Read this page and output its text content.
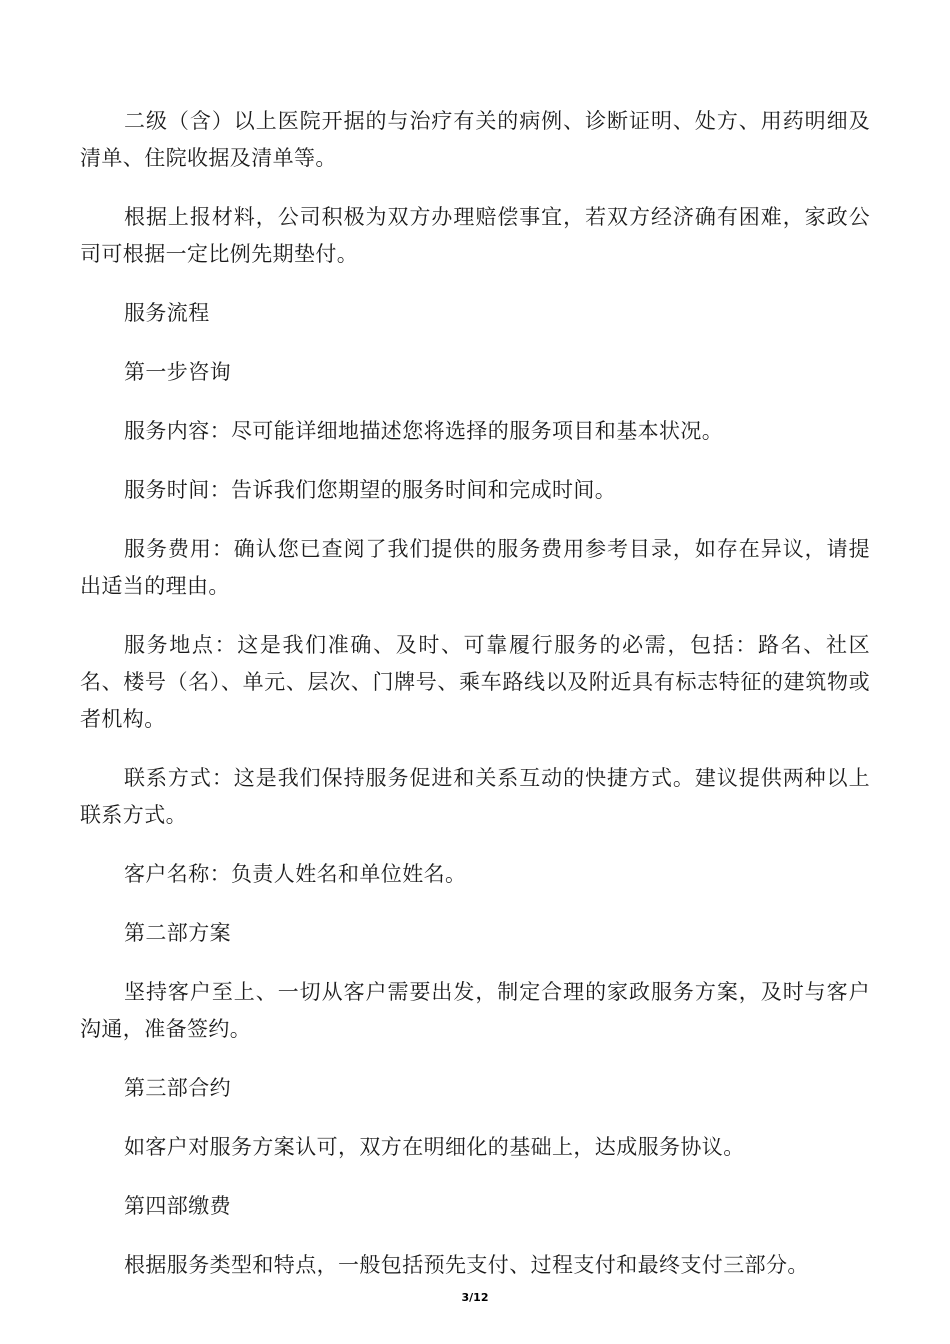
二级（含）以上医院开据的与治疗有关的病例、诊断证明、处方、用药明细及清单、住院收据及清单等。

根据上报材料，公司积极为双方办理赔偿事宜，若双方经济确有困难，家政公司可根据一定比例先期垫付。

服务流程

第一步咨询

服务内容：尽可能详细地描述您将选择的服务项目和基本状况。

服务时间：告诉我们您期望的服务时间和完成时间。

服务费用：确认您已查阅了我们提供的服务费用参考目录，如存在异议，请提出适当的理由。

服务地点：这是我们准确、及时、可靠履行服务的必需，包括：路名、社区名、楼号（名）、单元、层次、门牌号、乘车路线以及附近具有标志特征的建筑物或者机构。

联系方式：这是我们保持服务促进和关系互动的快捷方式。建议提供两种以上联系方式。

客户名称：负责人姓名和单位姓名。

第二部方案

坚持客户至上、一切从客户需要出发，制定合理的家政服务方案，及时与客户沟通，准备签约。

第三部合约

如客户对服务方案认可，双方在明细化的基础上，达成服务协议。

第四部缴费

根据服务类型和特点，一般包括预先支付、过程支付和最终支付三部分。

3/12
